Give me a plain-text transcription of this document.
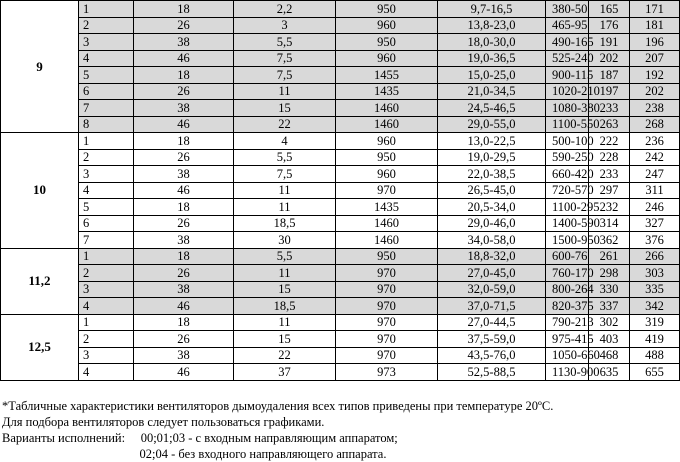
9	1	18	2,2	950	9,7-16,5	380-50	165	171
	2	26	3	960	13,8-23,0	465-95	176	181
	3	38	5,5	950	18,0-30,0	490-165	191	196
	4	46	7,5	960	19,0-36,5	525-240	202	207
	5	18	7,5	1455	15,0-25,0	900-115	187	192
	6	26	11	1435	21,0-34,5	1020-210	197	202
	7	38	15	1460	24,5-46,5	1080-380	233	238
	8	46	22	1460	29,0-55,0	1100-550	263	268
10	1	18	4	960	13,0-22,5	500-100	222	236
	2	26	5,5	950	19,0-29,5	590-250	228	242
	3	38	7,5	960	22,0-38,5	660-420	233	247
	4	46	11	970	26,5-45,0	720-570	297	311
	5	18	11	1435	20,5-34,0	1100-295	232	246
	6	26	18,5	1460	29,0-46,0	1400-590	314	327
	7	38	30	1460	34,0-58,0	1500-950	362	376
11,2	1	18	5,5	950	18,8-32,0	600-76	261	266
	2	26	11	970	27,0-45,0	760-170	298	303
	3	38	15	970	32,0-59,0	800-264	330	335
	4	46	18,5	970	37,0-71,5	820-375	337	342
12,5	1	18	11	970	27,0-44,5	790-213	302	319
	2	26	15	970	37,5-59,0	975-415	403	419
	3	38	22	970	43,5-76,0	1050-660	468	488
	4	46	37	973	52,5-88,5	1130-900	635	655
*Табличные характеристики вентиляторов дымоудаления всех типов приведены при температуре 20ºС.
Для подбора вентиляторов следует пользоваться графиками.
Варианты исполнений:     00;01;03 - с входным направляющим аппаратом;
02;04 - без входного направляющего аппарата.
